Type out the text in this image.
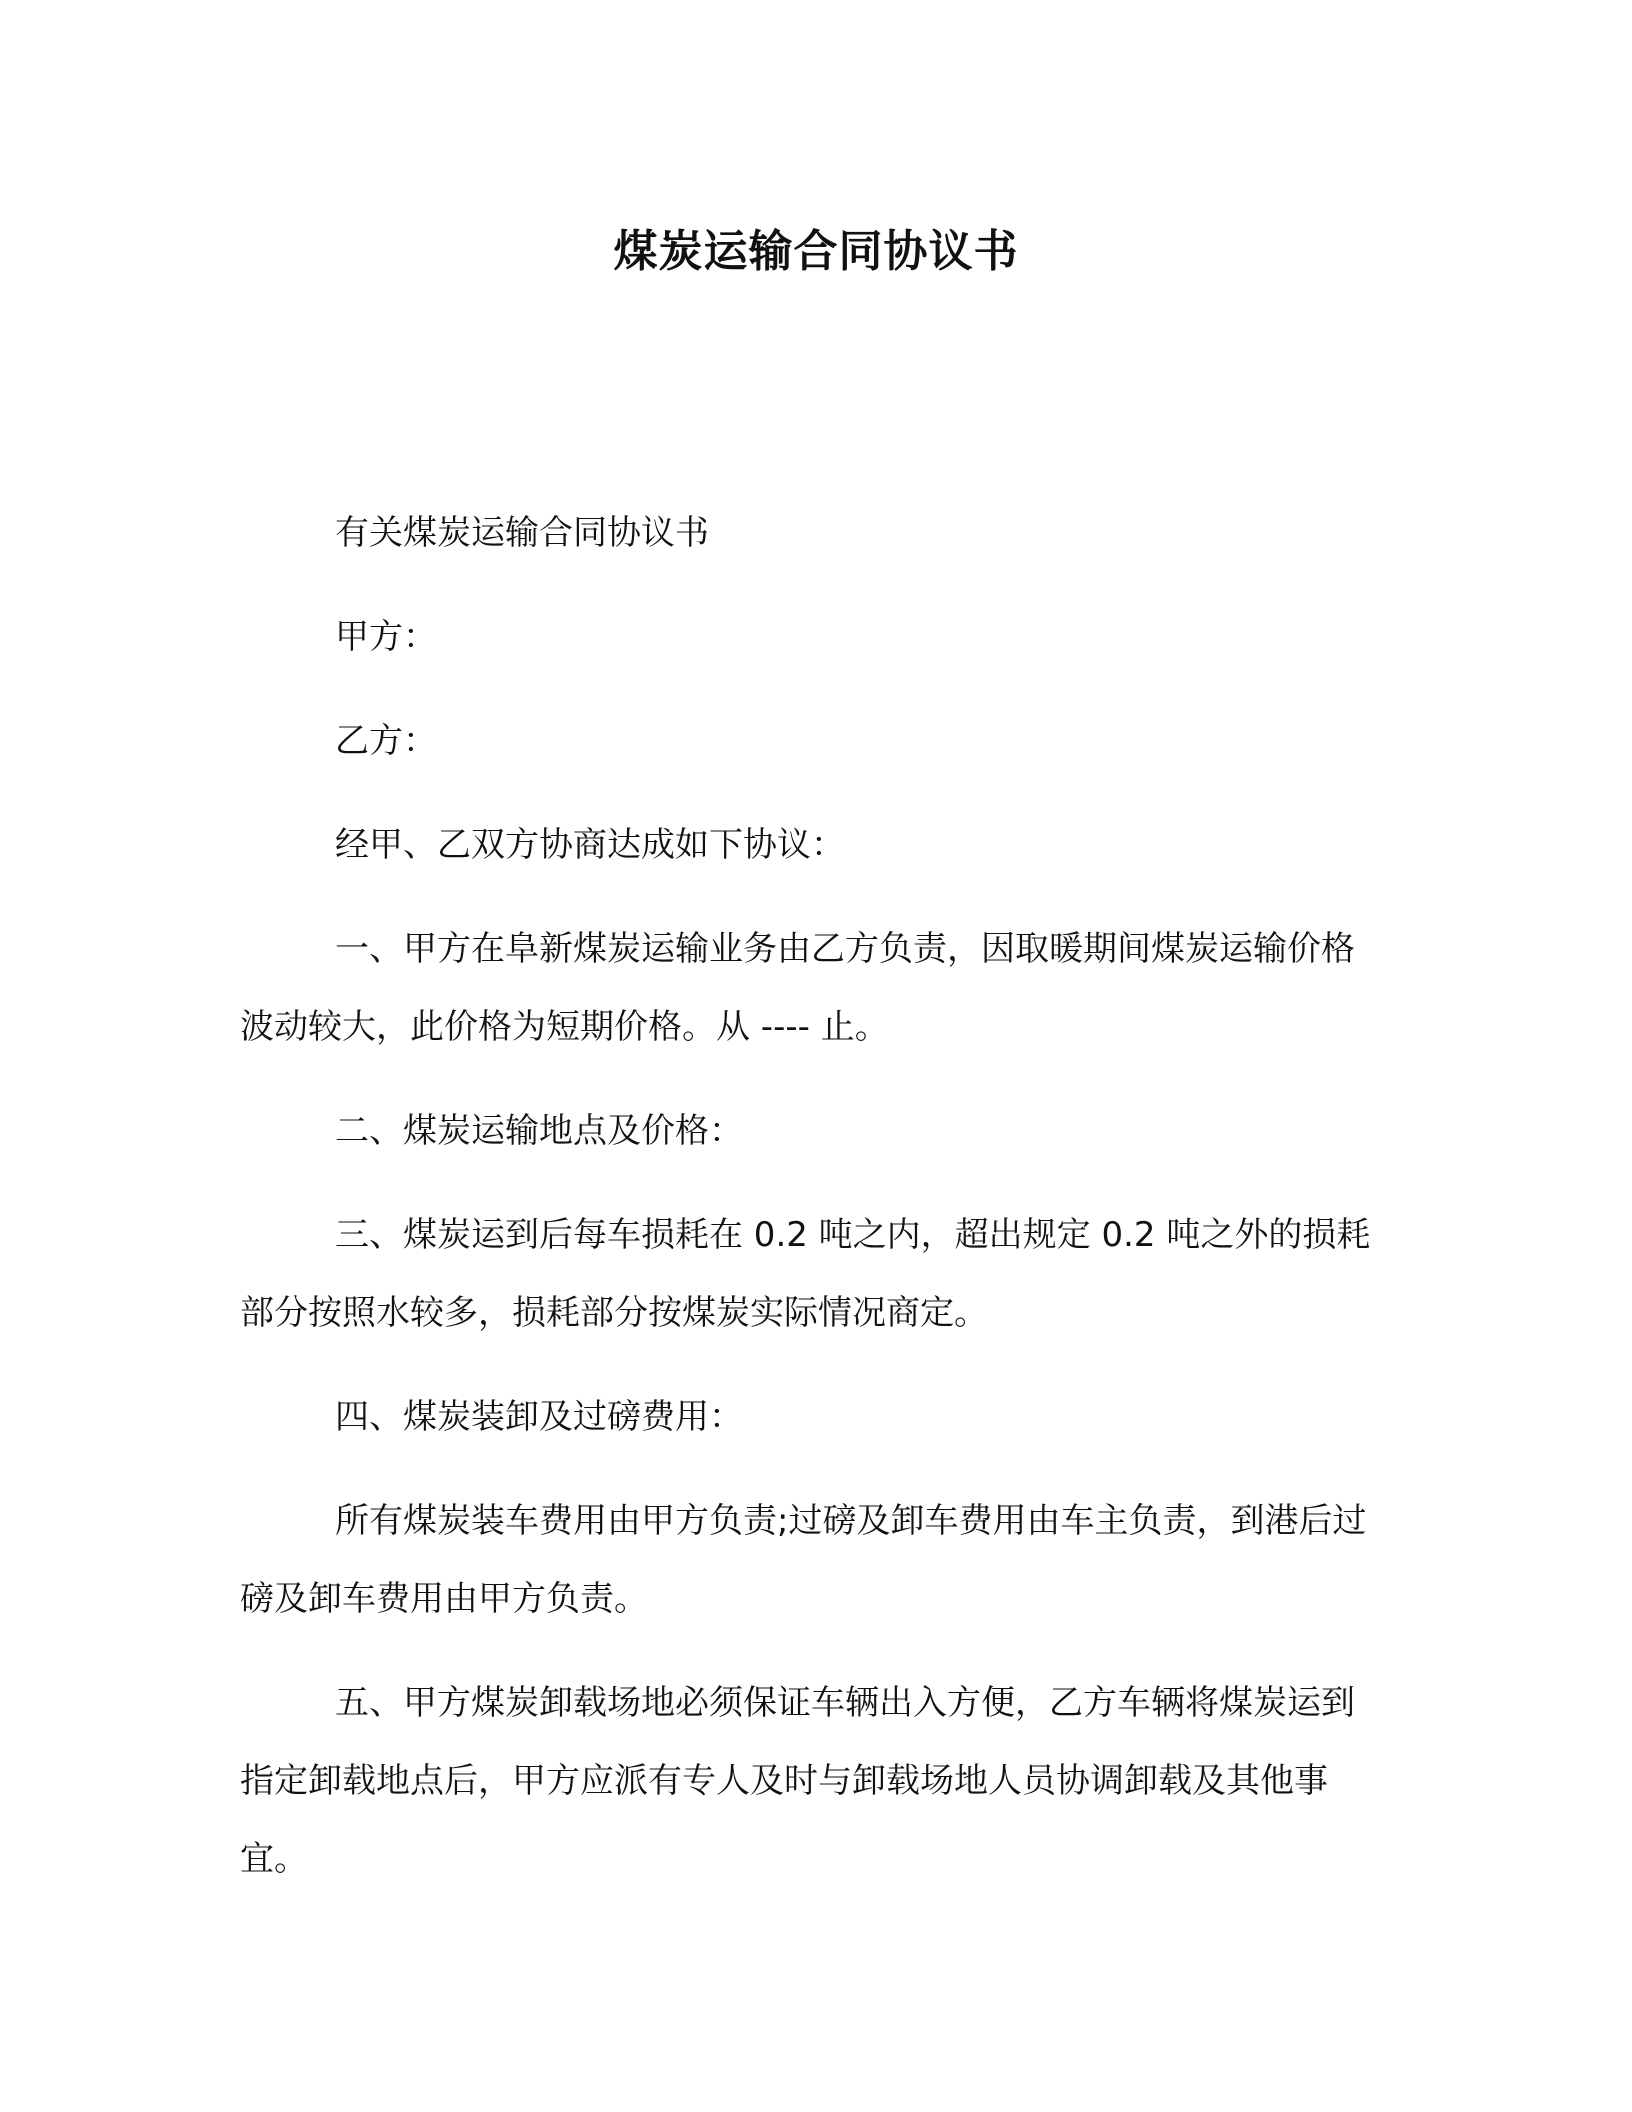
煤炭运输合同协议书

有关煤炭运输合同协议书

甲方：

乙方：

经甲、乙双方协商达成如下协议：

一、甲方在阜新煤炭运输业务由乙方负责，因取暖期间煤炭运输价格波动较大，此价格为短期价格。从 ---- 止。

二、煤炭运输地点及价格：

三、煤炭运到后每车损耗在 0.2 吨之内，超出规定 0.2 吨之外的损耗部分按照水较多，损耗部分按煤炭实际情况商定。

四、煤炭装卸及过磅费用：

所有煤炭装车费用由甲方负责;过磅及卸车费用由车主负责，到港后过磅及卸车费用由甲方负责。

五、甲方煤炭卸载场地必须保证车辆出入方便，乙方车辆将煤炭运到指定卸载地点后，甲方应派有专人及时与卸载场地人员协调卸载及其他事宜。
